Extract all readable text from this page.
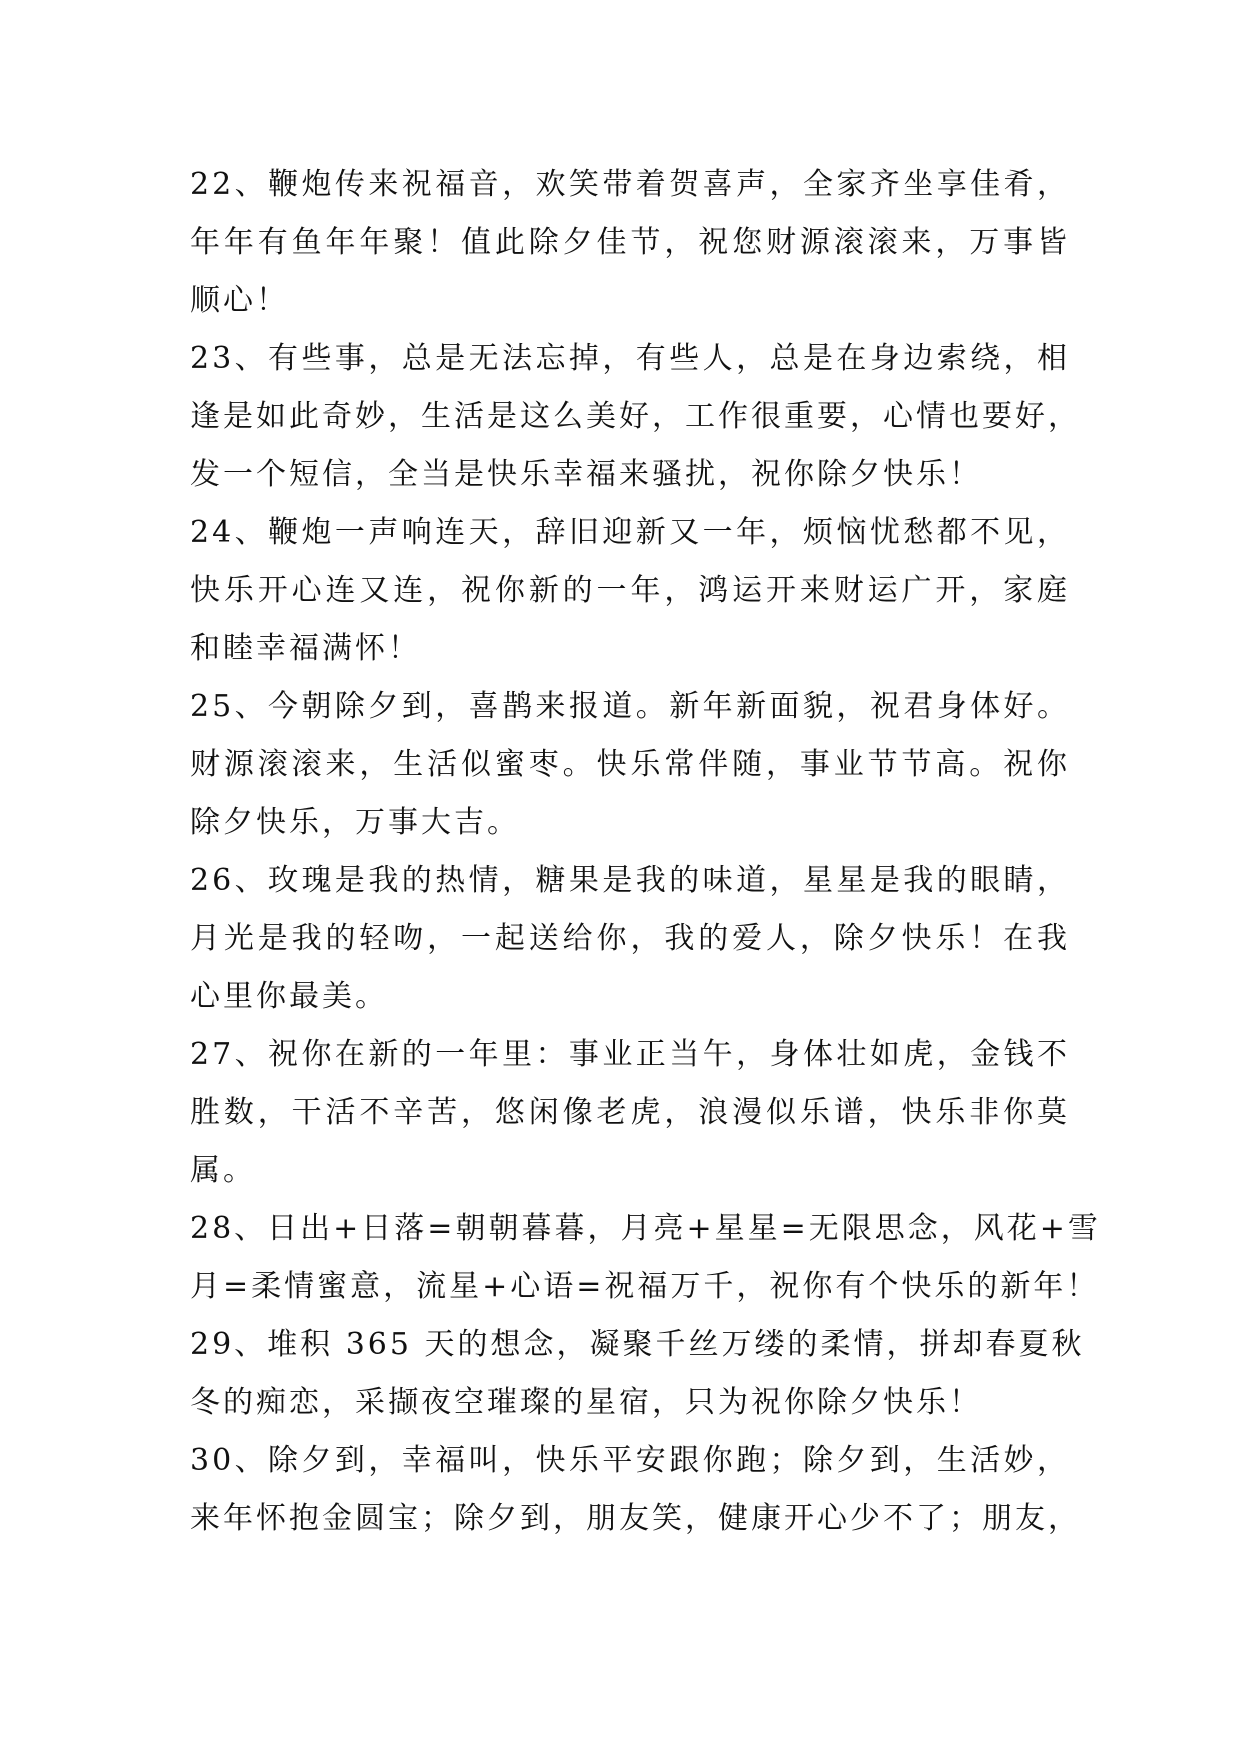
22、鞭炮传来祝福音，欢笑带着贺喜声，全家齐坐享佳肴，
年年有鱼年年聚！值此除夕佳节，祝您财源滚滚来，万事皆
顺心！
23、有些事，总是无法忘掉，有些人，总是在身边索绕，相
逢是如此奇妙，生活是这么美好，工作很重要，心情也要好，
发一个短信，全当是快乐幸福来骚扰，祝你除夕快乐！
24、鞭炮一声响连天，辞旧迎新又一年，烦恼忧愁都不见，
快乐开心连又连，祝你新的一年，鸿运开来财运广开，家庭
和睦幸福满怀！
25、今朝除夕到，喜鹊来报道。新年新面貌，祝君身体好。
财源滚滚来，生活似蜜枣。快乐常伴随，事业节节高。祝你
除夕快乐，万事大吉。
26、玫瑰是我的热情，糖果是我的味道，星星是我的眼睛，
月光是我的轻吻，一起送给你，我的爱人，除夕快乐！在我
心里你最美。
27、祝你在新的一年里：事业正当午，身体壮如虎，金钱不
胜数，干活不辛苦，悠闲像老虎，浪漫似乐谱，快乐非你莫
属。
28、日出+日落=朝朝暮暮，月亮+星星=无限思念，风花+雪
月=柔情蜜意，流星+心语=祝福万千，祝你有个快乐的新年！
29、堆积 365 天的想念，凝聚千丝万缕的柔情，拼却春夏秋
冬的痴恋，采撷夜空璀璨的星宿，只为祝你除夕快乐！
30、除夕到，幸福叫，快乐平安跟你跑；除夕到，生活妙，
来年怀抱金圆宝；除夕到，朋友笑，健康开心少不了；朋友，
